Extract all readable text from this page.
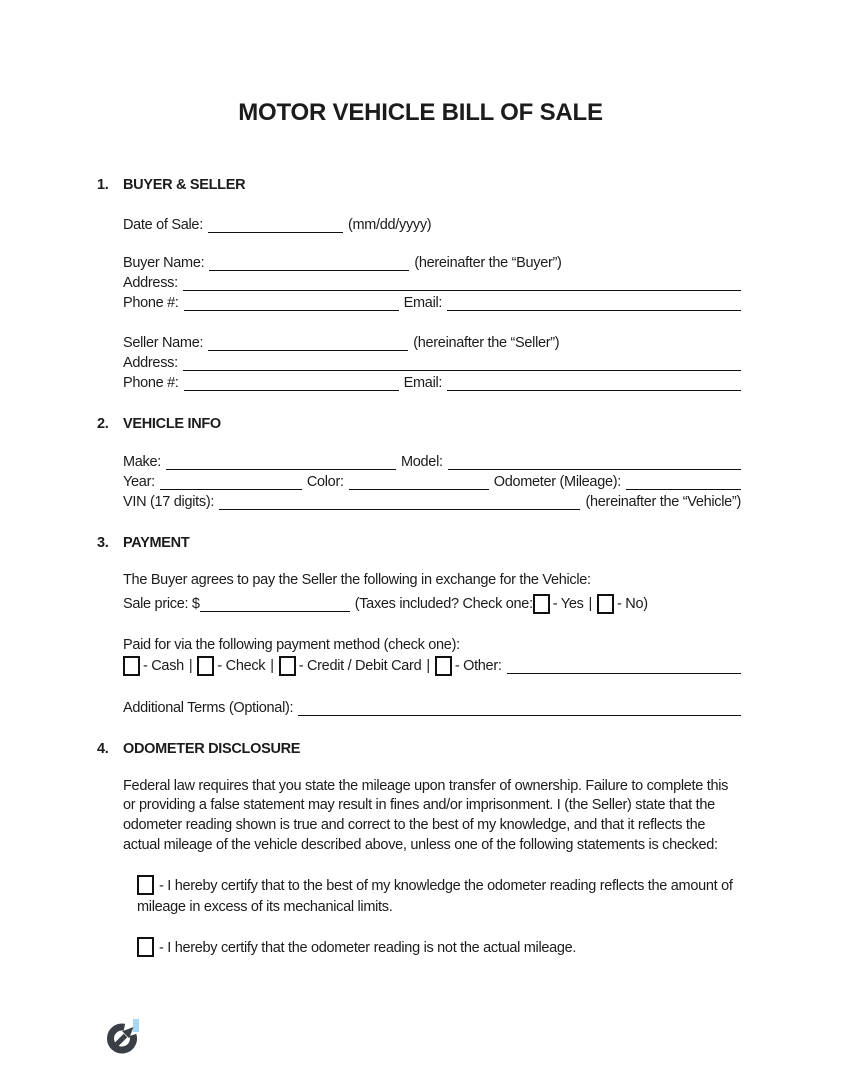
MOTOR VEHICLE BILL OF SALE
1.	BUYER & SELLER
Date of Sale:	(mm/dd/yyyy)
Buyer Name:	(hereinafter the “Buyer”)
Address:
Phone #:	Email:
Seller Name:	(hereinafter the “Seller”)
Address:
Phone #:	Email:
2.	VEHICLE INFO
Make:	Model:
Year:	Color:	Odometer (Mileage):
VIN (17 digits):	(hereinafter the “Vehicle”)
3.	PAYMENT

The Buyer agrees to pay the Seller the following in exchange for the Vehicle:

Sale price: $	(Taxes included? Check one: - Yes | - No)

Paid for via the following payment method (check one):

- Cash | - Check | - Credit / Debit Card | - Other:
Additional Terms (Optional):
4.	ODOMETER DISCLOSURE

Federal law requires that you state the mileage upon transfer of ownership. Failure to complete this or providing a false statement may result in fines and/or imprisonment. I (the Seller) state that the odometer reading shown is true and correct to the best of my knowledge, and that it reflects the actual mileage of the vehicle described above, unless one of the following statements is checked:

- I hereby certify that to the best of my knowledge the odometer reading reflects the amount of mileage in excess of its mechanical limits.

- I hereby certify that the odometer reading is not the actual mileage.
